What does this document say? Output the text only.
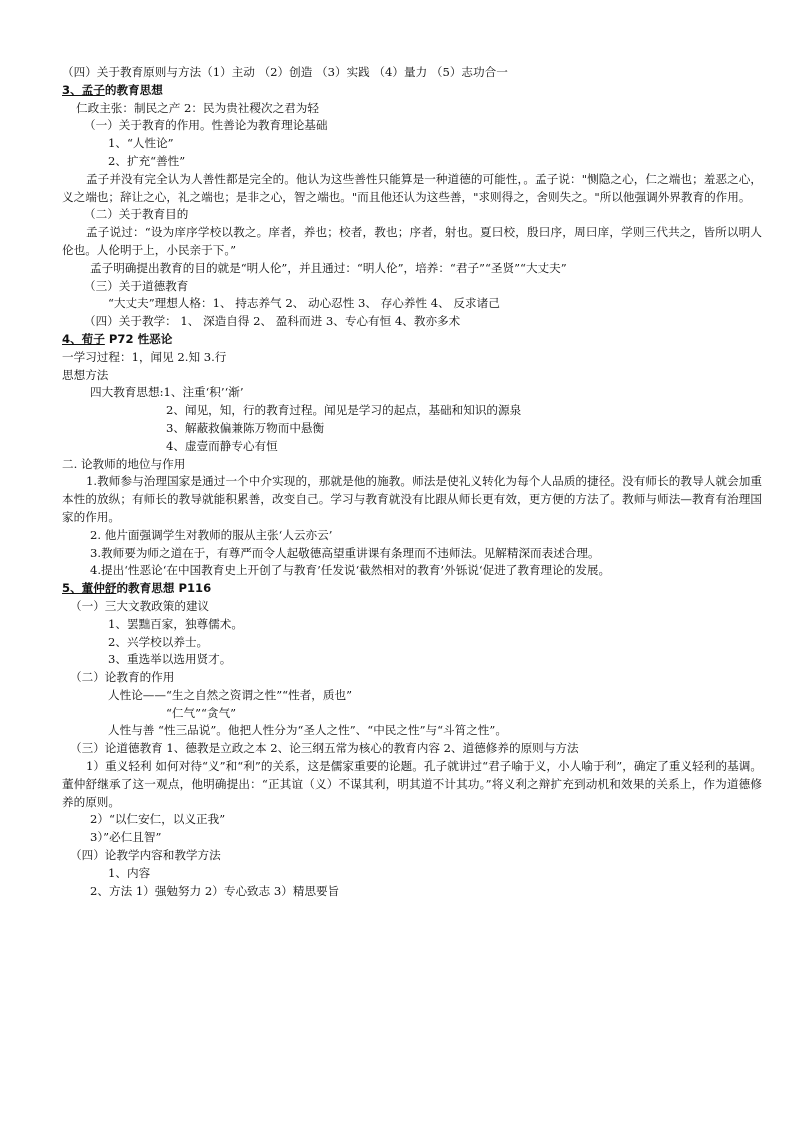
（四）关于教育原则与方法（1）主动 （2）创造 （3）实践 （4）量力 （5）志功合一
3、孟子的教育思想
仁政主张：制民之产 2：民为贵社稷次之君为轻
（一）关于教育的作用。性善论为教育理论基础
1、“人性论”
2、扩充“善性”
孟子并没有完全认为人善性都是完全的。他认为这些善性只能算是一种道德的可能性，。孟子说："恻隐之心，仁之端也；羞恶之心，义之端也；辞让之心，礼之端也；是非之心，智之端也。"而且他还认为这些善，"求则得之，舍则失之。"所以他强调外界教育的作用。
（二）关于教育目的
孟子说过：“设为庠序学校以教之。庠者，养也；校者，教也；序者，射也。夏曰校，殷曰序，周曰庠，学则三代共之，皆所以明人伦也。人伦明于上，小民亲于下。”
孟子明确提出教育的目的就是“明人伦”，并且通过：“明人伦”，培养：“君子”“圣贤”“大丈夫”
（三）关于道德教育
“大丈夫”理想人格：1、 持志养气 2、 动心忍性 3、 存心养性 4、 反求诸己
（四）关于教学： 1、 深造自得 2、 盈科而进 3、专心有恒 4、教亦多术
4、荀子 P72 性恶论
一学习过程：1，闻见 2.知 3.行
思想方法
四大教育思想:1、注重‘积’‘渐’
2、闻见，知，行的教育过程。闻见是学习的起点，基础和知识的源泉
3、解蔽救偏兼陈万物而中悬衡
4、虚壹而静专心有恒
二. 论教师的地位与作用
1.教师参与治理国家是通过一个中介实现的，那就是他的施教。师法是使礼义转化为每个人品质的捷径。没有师长的教导人就会加重本性的放纵；有师长的教导就能积累善，改变自己。学习与教育就没有比跟从师长更有效，更方便的方法了。教师与师法—教育有治理国家的作用。
2. 他片面强调学生对教师的服从主张‘人云亦云’
3.教师要为师之道在于，有尊严而令人起敬德高望重讲课有条理而不违师法。见解精深而表述合理。
4.提出‘性恶论‘在中国教育史上开创了与教育’任发说‘截然相对的教育’外铄说‘促进了教育理论的发展。
5、董仲舒的教育思想 P116
（一）三大文教政策的建议
1、罢黜百家，独尊儒术。
2、兴学校以养士。
3、重选举以选用贤才。
（二）论教育的作用
人性论——“生之自然之资谓之性”“性者，质也”
“仁气”“贪气”
人性与善 “性三品说”。他把人性分为“圣人之性”、“中民之性”与“斗筲之性”。
（三）论道德教育 1、德教是立政之本 2、论三纲五常为核心的教育内容 2、道德修养的原则与方法
1）重义轻利 如何对待“义”和“利”的关系，这是儒家重要的论题。孔子就讲过“君子喻于义，小人喻于利”，确定了重义轻利的基调。董仲舒继承了这一观点，他明确提出：“正其谊（义）不谋其利，明其道不计其功。”将义利之辩扩充到动机和效果的关系上，作为道德修养的原则。
2）“以仁安仁，以义正我”
3）”必仁且智”
（四）论教学内容和教学方法
1、内容
2、方法 1）强勉努力 2）专心致志 3）精思要旨
